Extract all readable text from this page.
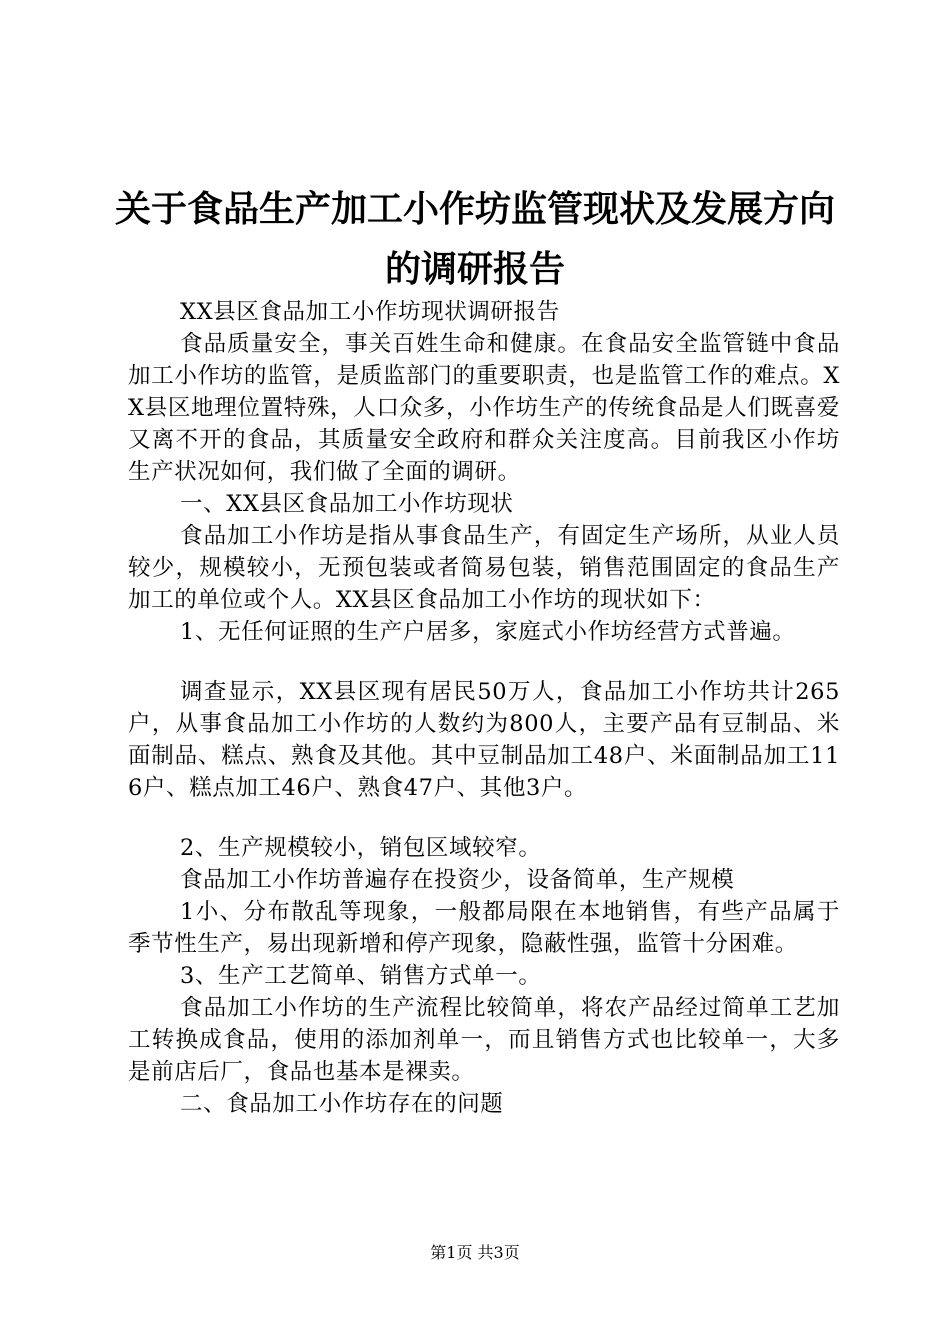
关于食品生产加工小作坊监管现状及发展方向
的调研报告

XX县区食品加工小作坊现状调研报告

食品质量安全，事关百姓生命和健康。在食品安全监管链中食品加工小作坊的监管，是质监部门的重要职责，也是监管工作的难点。XX县区地理位置特殊，人口众多，小作坊生产的传统食品是人们既喜爱又离不开的食品，其质量安全政府和群众关注度高。目前我区小作坊生产状况如何，我们做了全面的调研。

一、XX县区食品加工小作坊现状

食品加工小作坊是指从事食品生产，有固定生产场所，从业人员较少，规模较小，无预包装或者简易包装，销售范围固定的食品生产加工的单位或个人。XX县区食品加工小作坊的现状如下：

1、无任何证照的生产户居多，家庭式小作坊经营方式普遍。

调查显示，XX县区现有居民50万人，食品加工小作坊共计265户，从事食品加工小作坊的人数约为800人，主要产品有豆制品、米面制品、糕点、熟食及其他。其中豆制品加工48户、米面制品加工116户、糕点加工46户、熟食47户、其他3户。

2、生产规模较小，销包区域较窄。

食品加工小作坊普遍存在投资少，设备简单，生产规模

1小、分布散乱等现象，一般都局限在本地销售，有些产品属于季节性生产，易出现新增和停产现象，隐蔽性强，监管十分困难。

3、生产工艺简单、销售方式单一。

食品加工小作坊的生产流程比较简单，将农产品经过简单工艺加工转换成食品，使用的添加剂单一，而且销售方式也比较单一，大多是前店后厂，食品也基本是裸卖。

二、食品加工小作坊存在的问题

第1页 共3页
